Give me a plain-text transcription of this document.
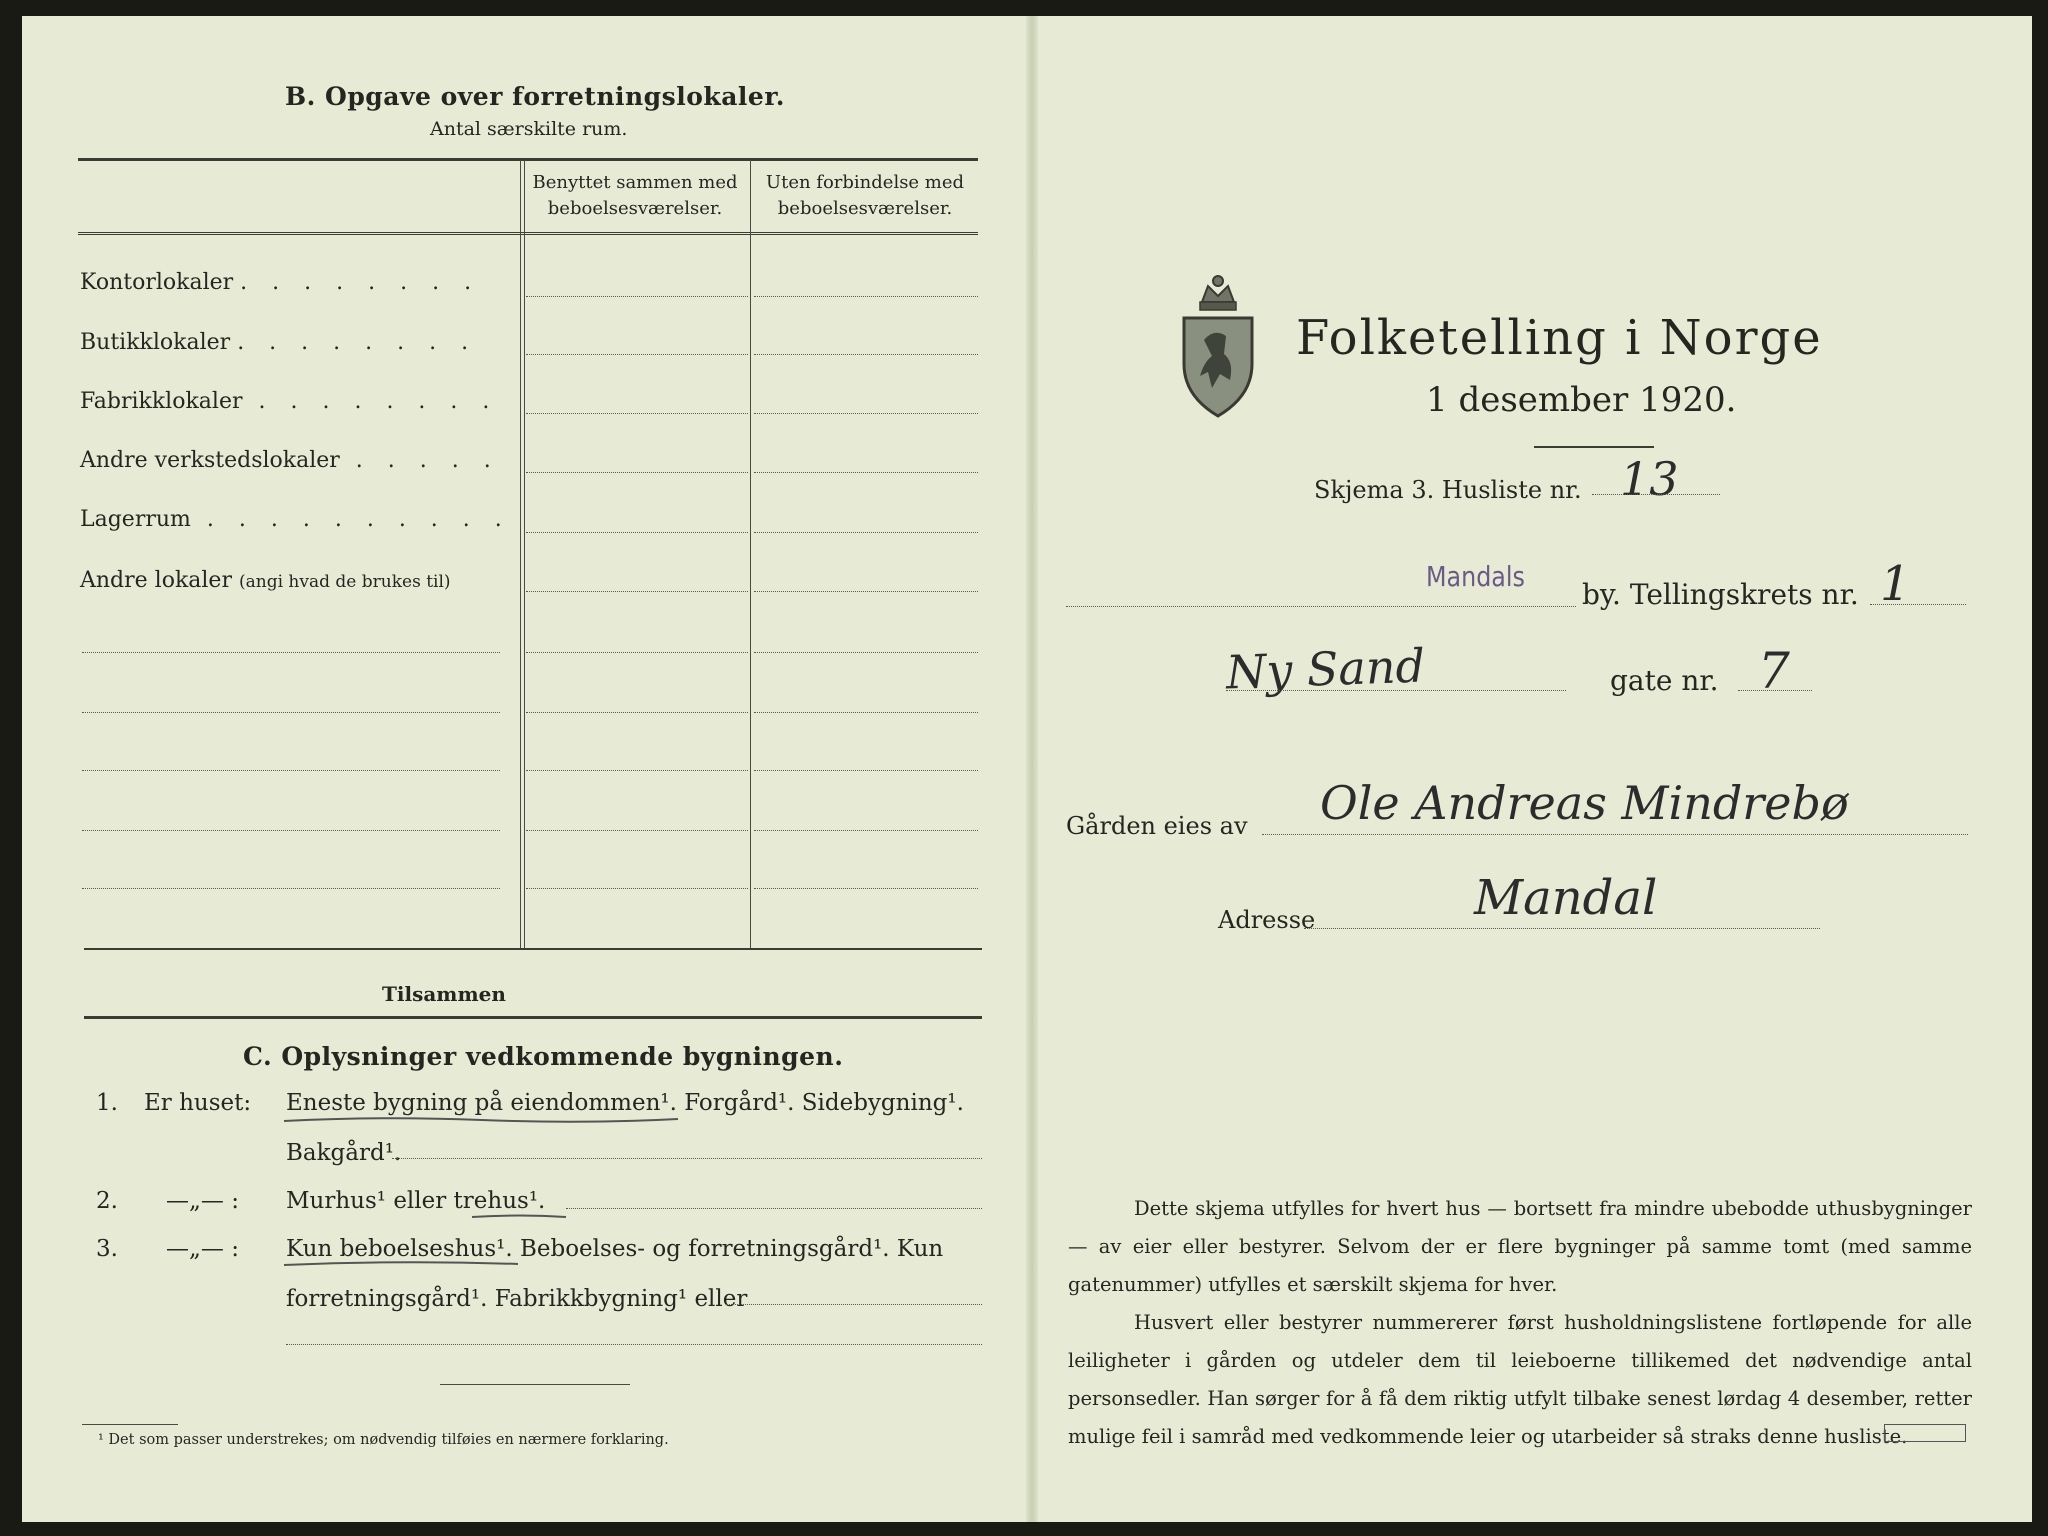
B. Opgave over forretningslokaler.
Antal særskilte rum.
Benyttet sammen med beboelsesværelser.
Uten forbindelse med beboelsesværelser.
Kontorlokaler . . . . . . . .
Butikklokaler . . . . . . . .
Fabrikklokaler . . . . . . . .
Andre verkstedslokaler . . . . .
Lagerrum . . . . . . . . . .
Andre lokaler (angi hvad de brukes til)
Tilsammen
C. Oplysninger vedkommende bygningen.
1. Er huset: Eneste bygning på eiendommen¹. Forgård¹. Sidebygning¹.
Bakgård¹.
2. —„— : Murhus¹ eller trehus¹.
3. —„— : Kun beboelseshus¹. Beboelses- og forretningsgård¹. Kun
forretningsgård¹. Fabrikkbygning¹ eller
¹ Det som passer understrekes; om nødvendig tilføies en nærmere forklaring.
Folketelling i Norge
1 desember 1920.
Skjema 3. Husliste nr. 13
Mandals
by. Tellingskrets nr. 1
Ny Sand	gate nr. 7
Gården eies av Ole Andreas Mindrebø
Adresse	Mandal
Dette skjema utfylles for hvert hus — bortsett fra mindre ubebodde uthusbygninger — av eier eller bestyrer. Selvom der er flere bygninger på samme tomt (med samme gatenummer) utfylles et særskilt skjema for hver.
Husvert eller bestyrer nummererer først husholdningslistene fortløpende for alle leiligheter i gården og utdeler dem til leieboerne tillikemed det nødvendige antal personsedler. Han sørger for å få dem riktig utfylt tilbake senest lørdag 4 desember, retter mulige feil i samråd med vedkommende leier og utarbeider så straks denne husliste.
